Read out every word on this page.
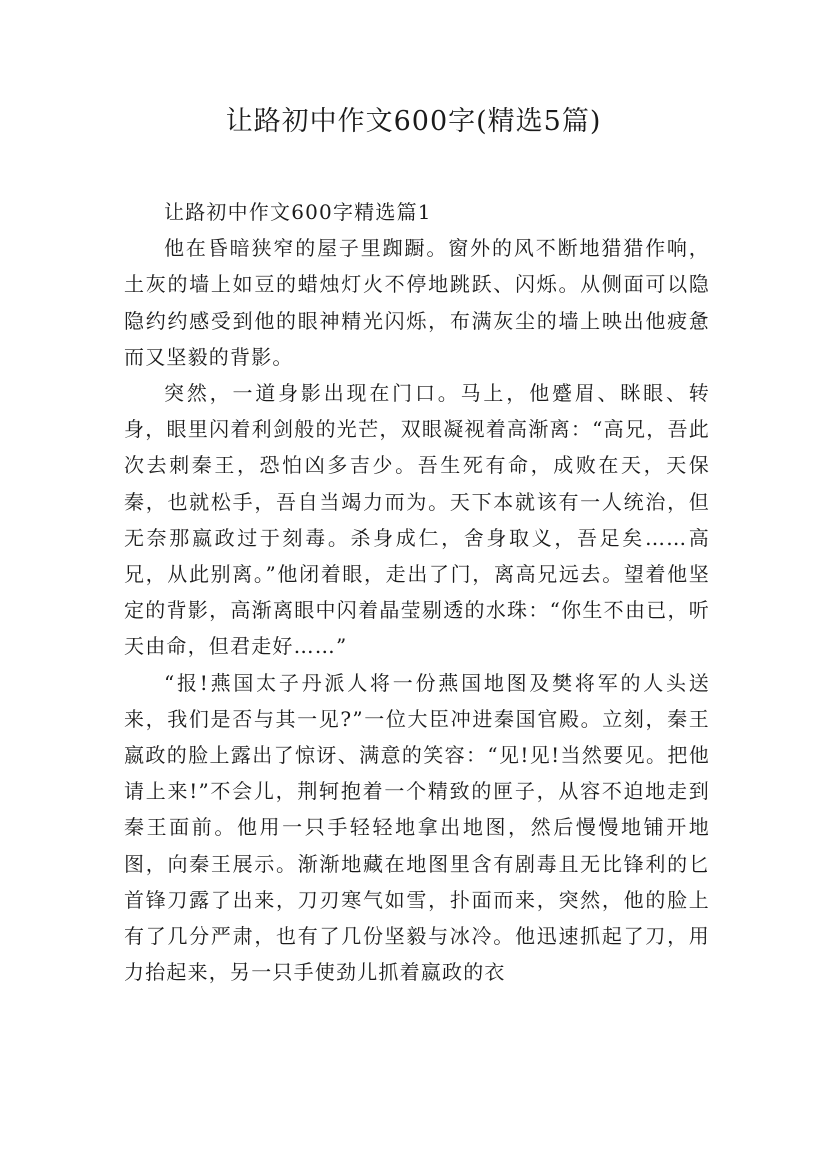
让路初中作文600字(精选5篇)

让路初中作文600字精选篇1

他在昏暗狭窄的屋子里踟蹰。窗外的风不断地猎猎作响，土灰的墙上如豆的蜡烛灯火不停地跳跃、闪烁。从侧面可以隐隐约约感受到他的眼神精光闪烁，布满灰尘的墙上映出他疲惫而又坚毅的背影。

突然，一道身影出现在门口。马上，他蹙眉、眯眼、转身，眼里闪着利剑般的光芒，双眼凝视着高渐离：“高兄，吾此次去刺秦王，恐怕凶多吉少。吾生死有命，成败在天，天保秦，也就松手，吾自当竭力而为。天下本就该有一人统治，但无奈那嬴政过于刻毒。杀身成仁，舍身取义，吾足矣……高兄，从此别离。”他闭着眼，走出了门，离高兄远去。望着他坚定的背影，高渐离眼中闪着晶莹剔透的水珠：“你生不由已，听天由命，但君走好……”

“报!燕国太子丹派人将一份燕国地图及樊将军的人头送来，我们是否与其一见?”一位大臣冲进秦国官殿。立刻，秦王嬴政的脸上露出了惊讶、满意的笑容：“见!见!当然要见。把他请上来!”不会儿，荆轲抱着一个精致的匣子，从容不迫地走到秦王面前。他用一只手轻轻地拿出地图，然后慢慢地铺开地图，向秦王展示。渐渐地藏在地图里含有剧毒且无比锋利的匕首锋刀露了出来，刀刃寒气如雪，扑面而来，突然，他的脸上有了几分严肃，也有了几份坚毅与冰冷。他迅速抓起了刀，用力抬起来，另一只手使劲儿抓着嬴政的衣
